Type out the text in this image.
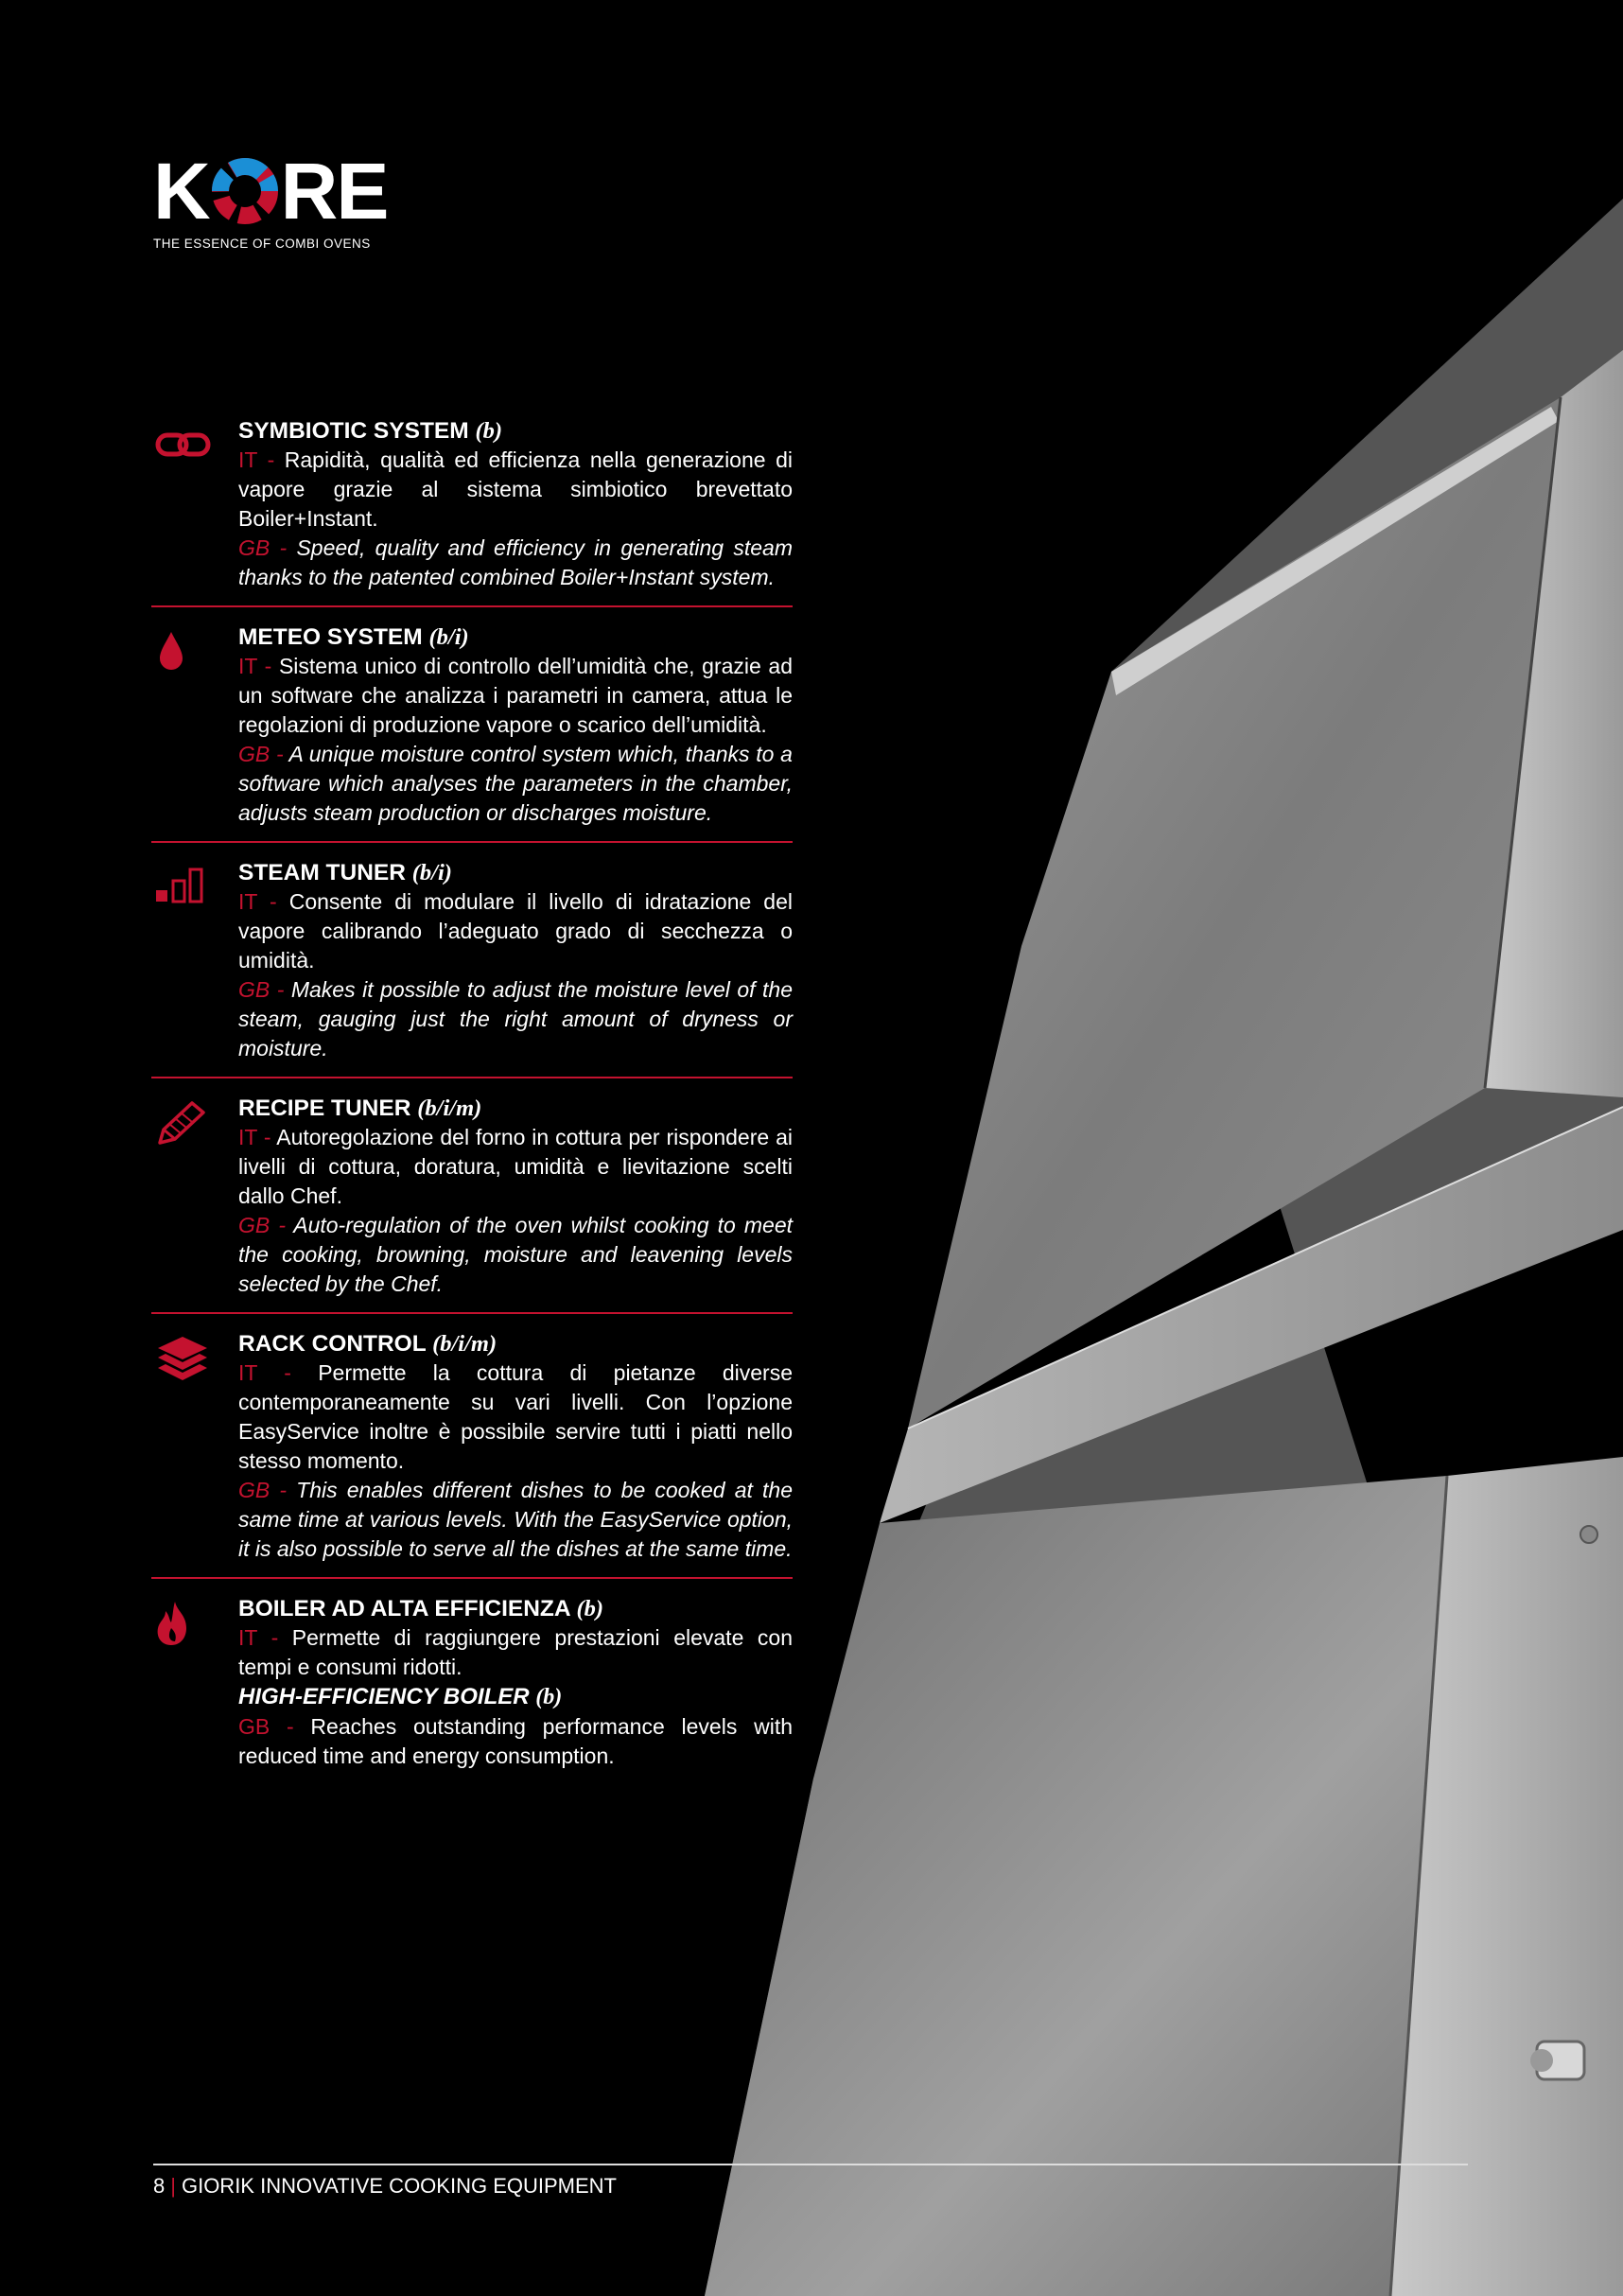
K RE
THE ESSENCE OF COMBI OVENS
SYMBIOTIC SYSTEM (b)
IT - Rapidità, qualità ed efficienza nella generazione di vapore grazie al sistema simbiotico brevettato Boiler+Instant.
GB - Speed, quality and efficiency in generating steam thanks to the patented combined Boiler+Instant system.
METEO SYSTEM (b/i)
IT - Sistema unico di controllo dell’umidità che, grazie ad un software che analizza i parametri in camera, attua le regolazioni di produzione vapore o scarico dell’umidità.
GB - A unique moisture control system which, thanks to a software which analyses the parameters in the chamber, adjusts steam production or discharges moisture.
STEAM TUNER (b/i)
IT - Consente di modulare il livello di idratazione del vapore calibrando l’adeguato grado di secchezza o umidità.
GB - Makes it possible to adjust the moisture level of the steam, gauging just the right amount of dryness or moisture.
RECIPE TUNER (b/i/m)
IT - Autoregolazione del forno in cottura per rispondere ai livelli di cottura, doratura, umidità e lievitazione scelti dallo Chef.
GB - Auto-regulation of the oven whilst cooking to meet the cooking, browning, moisture and leavening levels selected by the Chef.
RACK CONTROL (b/i/m)
IT - Permette la cottura di pietanze diverse contemporaneamente su vari livelli. Con l’opzione EasyService inoltre è possibile servire tutti i piatti nello stesso momento.
GB - This enables different dishes to be cooked at the same time at various levels. With the EasyService option, it is also possible to serve all the dishes at the same time.
BOILER AD ALTA EFFICIENZA (b)
IT - Permette di raggiungere prestazioni elevate con tempi e consumi ridotti.
HIGH-EFFICIENCY BOILER (b)
GB - Reaches outstanding performance levels with reduced time and energy consumption.
8 | GIORIK INNOVATIVE COOKING EQUIPMENT
